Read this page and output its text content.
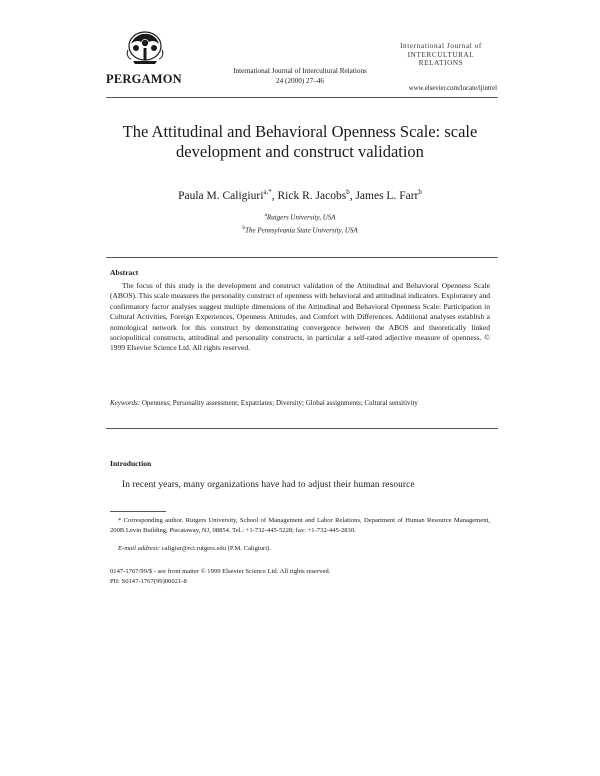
PERGAMON
International Journal of Intercultural Relations
24 (2000) 27–46
International Journal of
INTERCULTURAL
RELATIONS
www.elsevier.com/locate/ijintrel
The Attitudinal and Behavioral Openness Scale: scale development and construct validation
Paula M. Caligiuri$^{a,*}$, Rick R. Jacobs$^b$, James L. Farr$^b$
$^a$Rutgers University, USA
$^b$The Pennsylvania State University, USA
Abstract
The focus of this study is the development and construct validation of the Attitudinal and Behavioral Openness Scale (ABOS). This scale measures the personality construct of openness with behavioral and attitudinal indicators. Exploratory and confirmatory factor analyses suggest multiple dimensions of the Attitudinal and Behavioral Openness Scale: Participation in Cultural Activities, Foreign Experiences, Openness Attitudes, and Comfort with Differences. Additional analyses establish a nomological network for this construct by demonstrating convergence between the ABOS and theoretically linked sociopolitical constructs, attitudinal and personality constructs, in particular a self-rated adjective measure of openness. © 1999 Elsevier Science Ltd. All rights reserved.
Keywords: Openness; Personality assessment; Expatriates; Diversity; Global assignments; Cultural sensitivity
Introduction
In recent years, many organizations have had to adjust their human resource
* Corresponding author. Rutgers University, School of Management and Labor Relations, Department of Human Resource Management, 200B Levin Building, Piscataway, NJ, 08854. Tel.: +1-732-445-5228; fax: +1-732-445-2830.
E-mail address: caligiur@rci.rutgers.edu (P.M. Caligiuri).
0147-1767/99/$ - see front matter © 1999 Elsevier Science Ltd. All rights reserved.
PII: S0147-1767(99)00021-8
